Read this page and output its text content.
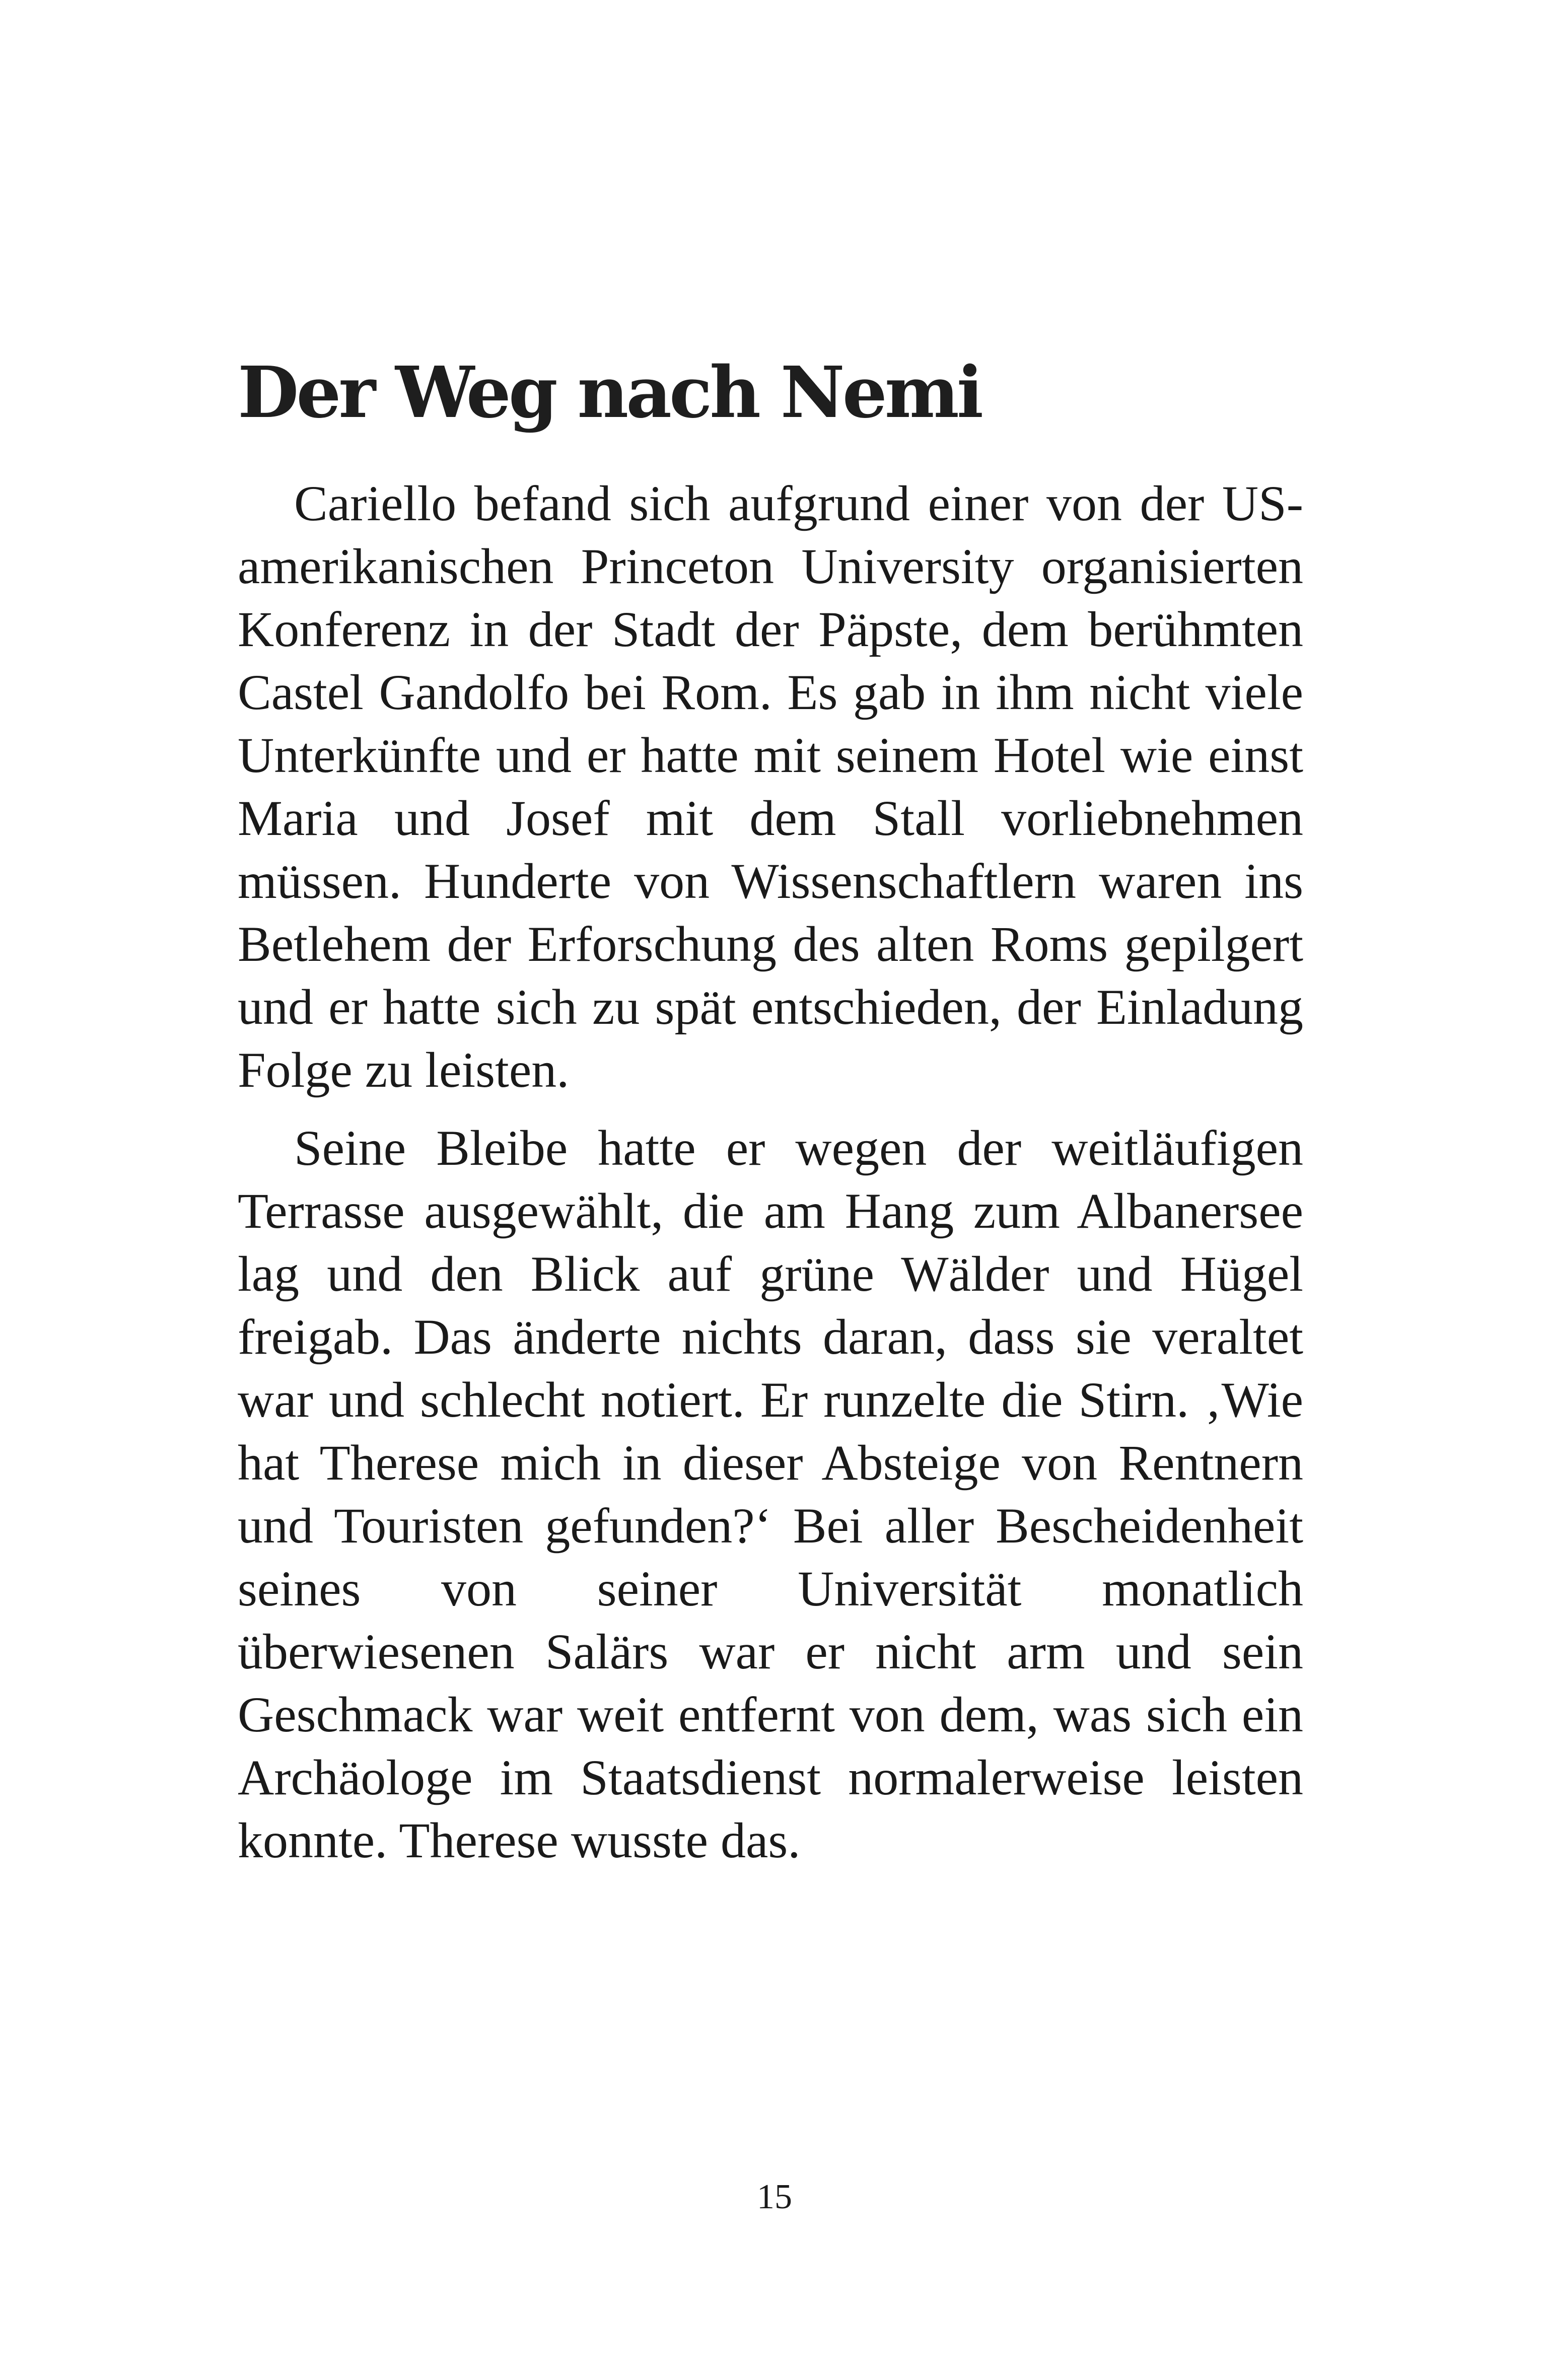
Der Weg nach Nemi

Cariello befand sich aufgrund einer von der US-amerikanischen Princeton University organisierten Konferenz in der Stadt der Päpste, dem berühmten Castel Gandolfo bei Rom. Es gab in ihm nicht viele Unterkünfte und er hatte mit seinem Hotel wie einst Maria und Josef mit dem Stall vorliebnehmen müssen. Hunderte von Wissenschaftlern waren ins Betlehem der Erforschung des alten Roms gepilgert und er hatte sich zu spät entschieden, der Einladung Folge zu leisten.

Seine Bleibe hatte er wegen der weitläufigen Terrasse ausgewählt, die am Hang zum Albanersee lag und den Blick auf grüne Wälder und Hügel freigab. Das änderte nichts daran, dass sie veraltet war und schlecht notiert. Er runzelte die Stirn. ‚Wie hat Therese mich in dieser Absteige von Rentnern und Touristen gefunden?‘ Bei aller Bescheidenheit seines von seiner Universität monatlich überwiesenen Salärs war er nicht arm und sein Geschmack war weit entfernt von dem, was sich ein Archäologe im Staatsdienst normalerweise leisten konnte. Therese wusste das.

15
